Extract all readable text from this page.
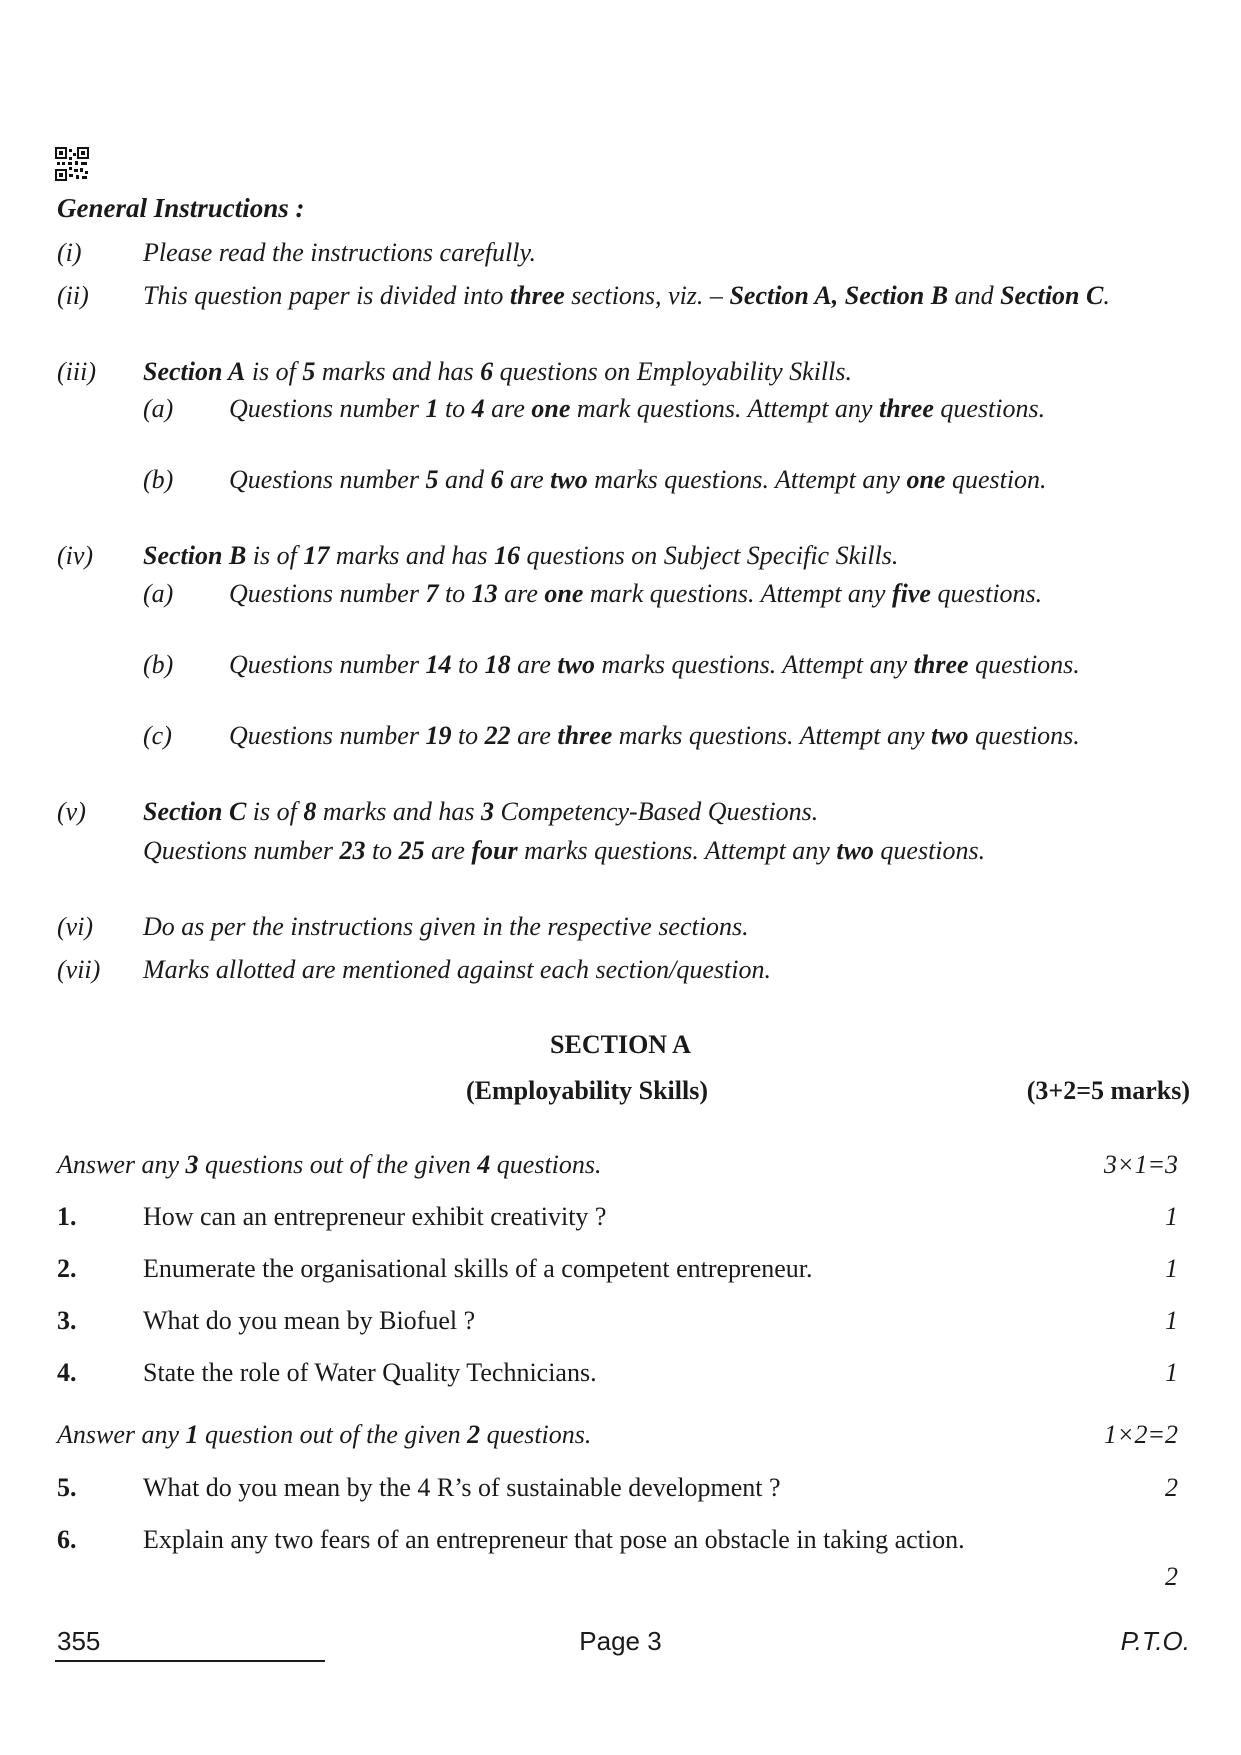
General Instructions :
(i) Please read the instructions carefully.
(ii) This question paper is divided into three sections, viz. – Section A, Section B and Section C.
(iii) Section A is of 5 marks and has 6 questions on Employability Skills.
(a) Questions number 1 to 4 are one mark questions. Attempt any three questions.
(b) Questions number 5 and 6 are two marks questions. Attempt any one question.
(iv) Section B is of 17 marks and has 16 questions on Subject Specific Skills.
(a) Questions number 7 to 13 are one mark questions. Attempt any five questions.
(b) Questions number 14 to 18 are two marks questions. Attempt any three questions.
(c) Questions number 19 to 22 are three marks questions. Attempt any two questions.
(v) Section C is of 8 marks and has 3 Competency-Based Questions.
Questions number 23 to 25 are four marks questions. Attempt any two questions.
(vi) Do as per the instructions given in the respective sections.
(vii) Marks allotted are mentioned against each section/question.
SECTION A
(Employability Skills)	(3+2=5 marks)
Answer any 3 questions out of the given 4 questions.	3×1=3
1.	How can an entrepreneur exhibit creativity ?	1
2.	Enumerate the organisational skills of a competent entrepreneur.	1
3.	What do you mean by Biofuel ?	1
4.	State the role of Water Quality Technicians.	1
Answer any 1 question out of the given 2 questions.	1×2=2
5.	What do you mean by the 4 R’s of sustainable development ?	2
6.	Explain any two fears of an entrepreneur that pose an obstacle in taking action.
2
355	Page 3	P.T.O.
